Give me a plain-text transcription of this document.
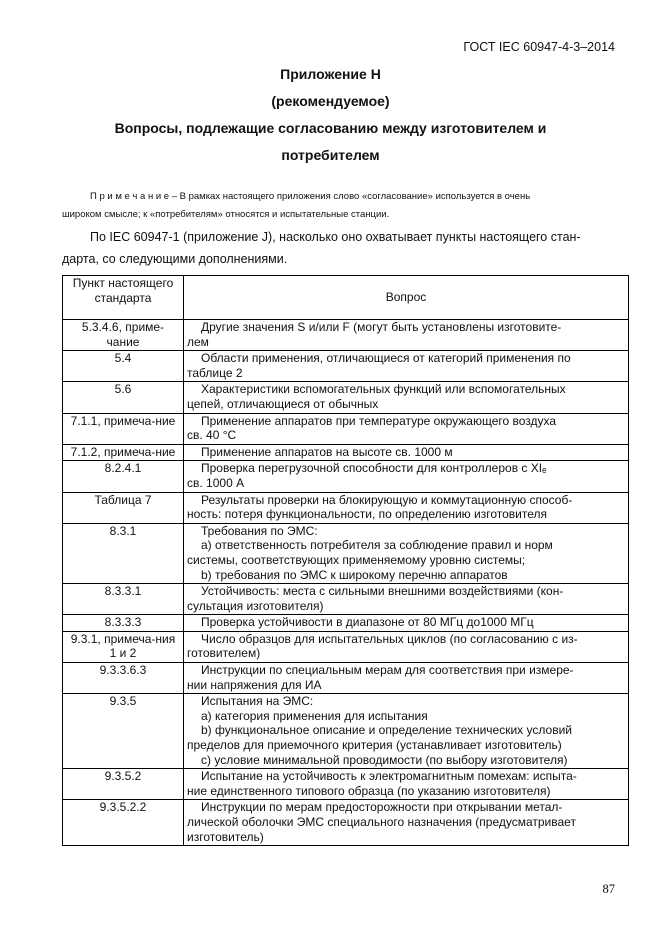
ГОСТ IEC 60947-4-3–2014
Приложение Н
(рекомендуемое)
Вопросы, подлежащие согласованию между изготовителем и
потребителем
П р и м е ч а н и е – В рамках настоящего приложения слово «согласование» используется в очень
широком смысле; к «потребителям» относятся и испытательные станции.
По IEC 60947-1 (приложение J), насколько оно охватывает пункты настоящего стан-
дарта, со следующими дополнениями.
Пункт настоящего стандарта	Вопрос
5.3.4.6, приме-чание	Другие значения S и/или F (могут быть установлены изготовите-
лем

5.4	Области применения, отличающиеся от категорий применения по
таблице 2

5.6	Характеристики вспомогательных функций или вспомогательных
цепей, отличающиеся от обычных

7.1.1, примеча-ние	Применение аппаратов при температуре окружающего воздуха
св. 40 °C

7.1.2, примеча-ние	Применение аппаратов на высоте св. 1000 м

8.2.4.1	Проверка перегрузочной способности для контроллеров с XIₑ
св. 1000 А

Таблица 7	Результаты проверки на блокирующую и коммутационную способ-
ность: потеря функциональности, по определению изготовителя

8.3.1	Требования по ЭМС:
а) ответственность потребителя за соблюдение правил и норм
системы, соответствующих применяемому уровню системы;
b) требования по ЭМС к широкому перечню аппаратов

8.3.3.1	Устойчивость: места с сильными внешними воздействиями (кон-
сультация изготовителя)

8.3.3.3	Проверка устойчивости в диапазоне от 80 МГц до1000 МГц

9.3.1, примеча-ния 1 и 2	Число образцов для испытательных циклов (по согласованию с из-
готовителем)

9.3.3.6.3	Инструкции по специальным мерам для соответствия при измере-
нии напряжения для ИА

9.3.5	Испытания на ЭМС:
а) категория применения для испытания
b) функциональное описание и определение технических условий
пределов для приемочного критерия (устанавливает изготовитель)
с) условие минимальной проводимости (по выбору изготовителя)

9.3.5.2	Испытание на устойчивость к электромагнитным помехам: испыта-
ние единственного типового образца (по указанию изготовителя)

9.3.5.2.2	Инструкции по мерам предосторожности при открывании метал-
лической оболочки ЭМС специального назначения (предусматривает
изготовитель)
87
